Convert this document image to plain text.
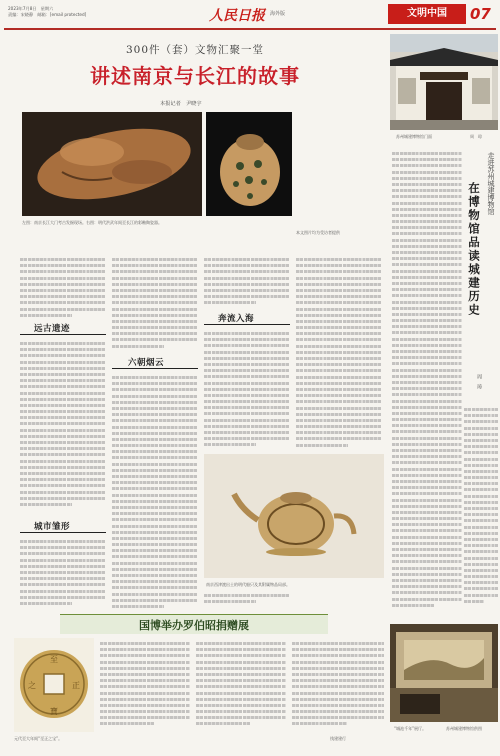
2023年7月8日　星期六
责编：宋晓静　邮箱：[email protected]	人民日报 海外版	文明中国	07
300件（套）文物汇聚一堂
讲述南京与长江的故事
本报记者　尹晓宇
左图：南京长江大门考古发掘现场。右图：明代洪武年间至长江的彩釉陶瓷器。
本文图片均为受访者提供
远古遗迹
城市雏形
六朝烟云
奔流入海
南京西津渡出土的明代船只及其附属物品局部。
国博举办罗伯昭捐赠展
至
寶
之	正
元代至大年间“至正之宝”。	钱建建行
苏州城建博物馆门面	周　琼
走进苏州城建博物馆
在博物馆品读城建历史
周　璋
“城池千年”展厅。	苏州城建博物馆供图
